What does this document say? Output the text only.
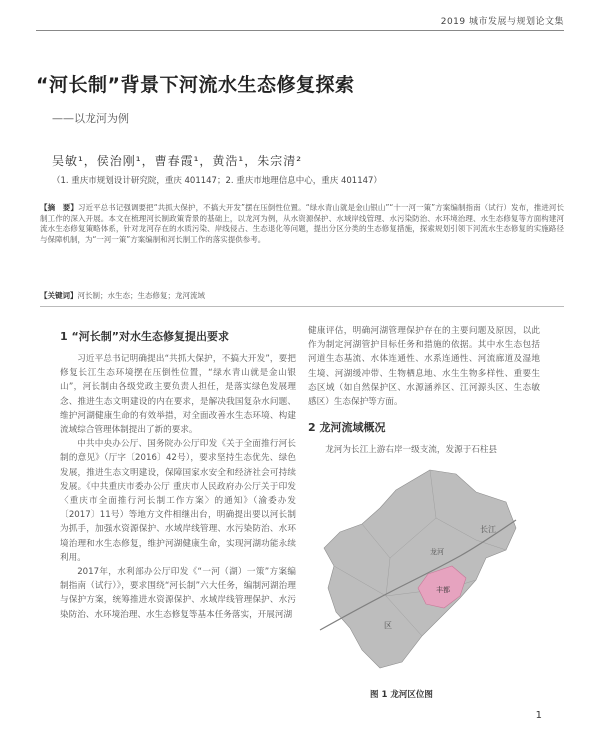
2019 城市发展与规划论文集
“河长制”背景下河流水生态修复探索
——以龙河为例
吴敏¹，侯治刚¹，曹春霞¹，黄浩¹，朱宗清²
（1. 重庆市规划设计研究院，重庆 401147；2. 重庆市地理信息中心，重庆 401147）
【摘　要】习近平总书记强调要把“共抓大保护，不搞大开发”摆在压倒性位置。“绿水青山就是金山银山”“十一河一策”方案编制指南（试行）发布，推进河长制工作的深入开展。本文在梳理河长制政策背景的基础上，以龙河为例，从水资源保护、水域岸线管理、水污染防治、水环境治理、水生态修复等方面构建河流水生态修复策略体系，针对龙河存在的水质污染、岸线侵占、生态退化等问题，提出分区分类的生态修复措施，探索规划引领下河流水生态修复的实施路径与保障机制，为“一河一策”方案编制和河长制工作的落实提供参考。
【关键词】河长制；水生态；生态修复；龙河流域
1 “河长制”对水生态修复提出要求

习近平总书记明确提出“共抓大保护，不搞大开发”，要把修复长江生态环境摆在压倒性位置，“绿水青山就是金山银山”，河长制由各级党政主要负责人担任，是落实绿色发展理念、推进生态文明建设的内在要求，是解决我国复杂水问题、维护河湖健康生命的有效举措，对全面改善水生态环境、构建流域综合管理体制提出了新的要求。

中共中央办公厅、国务院办公厅印发《关于全面推行河长制的意见》（厅字〔2016〕42号），要求坚持生态优先、绿色发展，推进生态文明建设，保障国家水安全和经济社会可持续发展。《中共重庆市委办公厅 重庆市人民政府办公厅关于印发〈重庆市全面推行河长制工作方案〉的通知》（渝委办发〔2017〕11号）等地方文件相继出台，明确提出要以河长制为抓手，加强水资源保护、水域岸线管理、水污染防治、水环境治理和水生态修复，维护河湖健康生命，实现河湖功能永续利用。

2017年，水利部办公厅印发《“一河（湖）一策”方案编制指南（试行）》，要求围绕“河长制”六大任务，编制河湖治理与保护方案，统筹推进水资源保护、水域岸线管理保护、水污染防治、水环境治理、水生态修复等基本任务落实，开展河湖

健康评估，明确河湖管理保护存在的主要问题及原因，以此作为制定河湖管护目标任务和措施的依据。其中水生态包括河道生态基流、水体连通性、水系连通性、河流廊道及湿地生境、河湖缓冲带、生物栖息地、水生生物多样性、重要生态区域（如自然保护区、水源涵养区、江河源头区、生态敏感区）生态保护等方面。

2 龙河流域概况

龙河为长江上游右岸一级支流，发源于石柱县

长江
丰都
龙河
区
图 1 龙河区位图
1
